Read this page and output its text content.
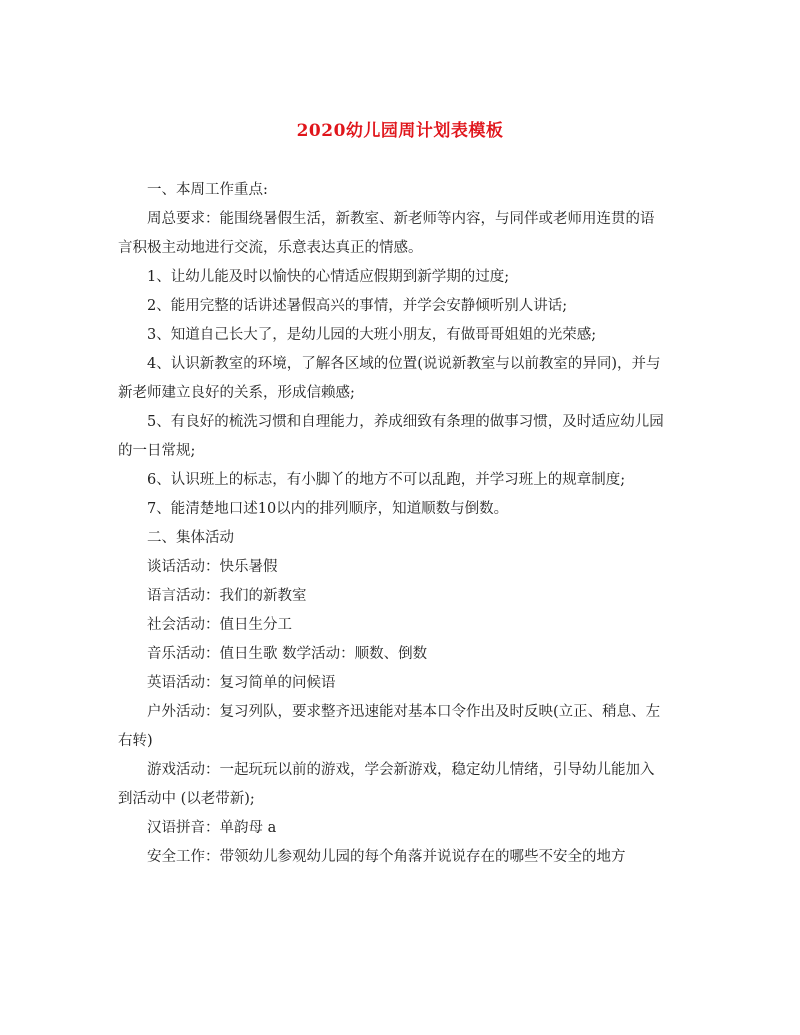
2020幼儿园周计划表模板

一、本周工作重点:

周总要求：能围绕暑假生活，新教室、新老师等内容，与同伴或老师用连贯的语言积极主动地进行交流，乐意表达真正的情感。

1、让幼儿能及时以愉快的心情适应假期到新学期的过度;

2、能用完整的话讲述暑假高兴的事情，并学会安静倾听别人讲话;

3、知道自己长大了，是幼儿园的大班小朋友，有做哥哥姐姐的光荣感;

4、认识新教室的环境，了解各区域的位置(说说新教室与以前教室的异同)，并与新老师建立良好的关系，形成信赖感;

5、有良好的梳洗习惯和自理能力，养成细致有条理的做事习惯，及时适应幼儿园的一日常规;

6、认识班上的标志，有小脚丫的地方不可以乱跑，并学习班上的规章制度;

7、能清楚地口述10以内的排列顺序，知道顺数与倒数。

二、集体活动

谈话活动：快乐暑假

语言活动：我们的新教室

社会活动：值日生分工

音乐活动：值日生歌 数学活动：顺数、倒数

英语活动：复习简单的问候语

户外活动：复习列队，要求整齐迅速能对基本口令作出及时反映(立正、稍息、左右转)

游戏活动：一起玩玩以前的游戏，学会新游戏，稳定幼儿情绪，引导幼儿能加入到活动中 (以老带新);

汉语拼音：单韵母 a

安全工作：带领幼儿参观幼儿园的每个角落并说说存在的哪些不安全的地方
